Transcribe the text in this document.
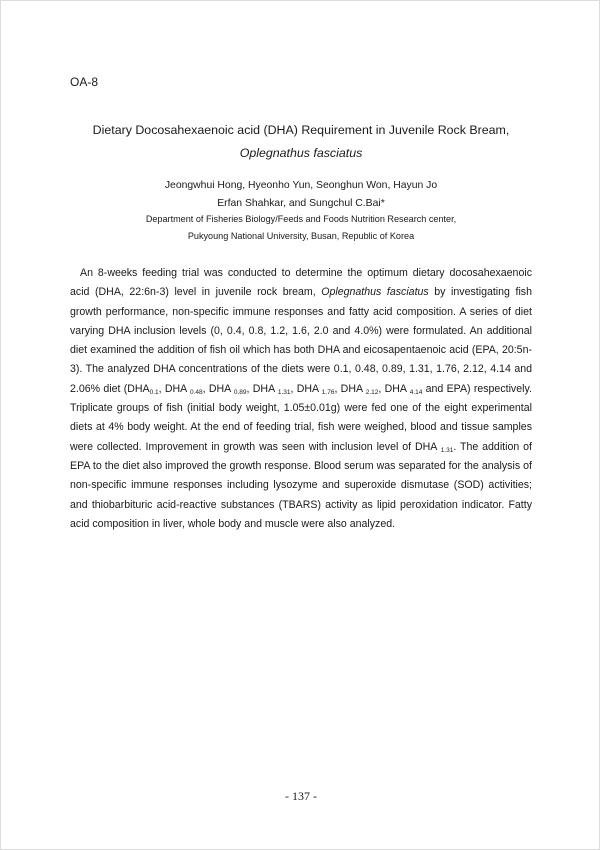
OA-8
Dietary Docosahexaenoic acid (DHA) Requirement in Juvenile Rock Bream,
Oplegnathus fasciatus
Jeongwhui Hong, Hyeonho Yun, Seonghun Won, Hayun Jo
Erfan Shahkar, and Sungchul C.Bai*
Department of Fisheries Biology/Feeds and Foods Nutrition Research center,
Pukyoung National University, Busan, Republic of Korea

An 8-weeks feeding trial was conducted to determine the optimum dietary docosahexaenoic acid (DHA, 22:6n-3) level in juvenile rock bream, Oplegnathus fasciatus by investigating fish growth performance, non-specific immune responses and fatty acid composition. A series of diet varying DHA inclusion levels (0, 0.4, 0.8, 1.2, 1.6, 2.0 and 4.0%) were formulated. An additional diet examined the addition of fish oil which has both DHA and eicosapentaenoic acid (EPA, 20:5n-3). The analyzed DHA concentrations of the diets were 0.1, 0.48, 0.89, 1.31, 1.76, 2.12, 4.14 and 2.06% diet ($DHA_{0.1}$, DHA $_{0.48}$, DHA $_{0.89}$, DHA $_{1.31}$, DHA $_{1.76}$, DHA $_{2.12}$, DHA $_{4.14}$ and EPA) respectively. Triplicate groups of fish (initial body weight, 1.05±0.01g) were fed one of the eight experimental diets at 4% body weight. At the end of feeding trial, fish were weighed, blood and tissue samples were collected. Improvement in growth was seen with inclusion level of DHA $_{1.31}$. The addition of EPA to the diet also improved the growth response. Blood serum was separated for the analysis of non-specific immune responses including lysozyme and superoxide dismutase (SOD) activities; and thiobarbituric acid-reactive substances (TBARS) activity as lipid peroxidation indicator. Fatty acid composition in liver, whole body and muscle were also analyzed.

- 137 -
